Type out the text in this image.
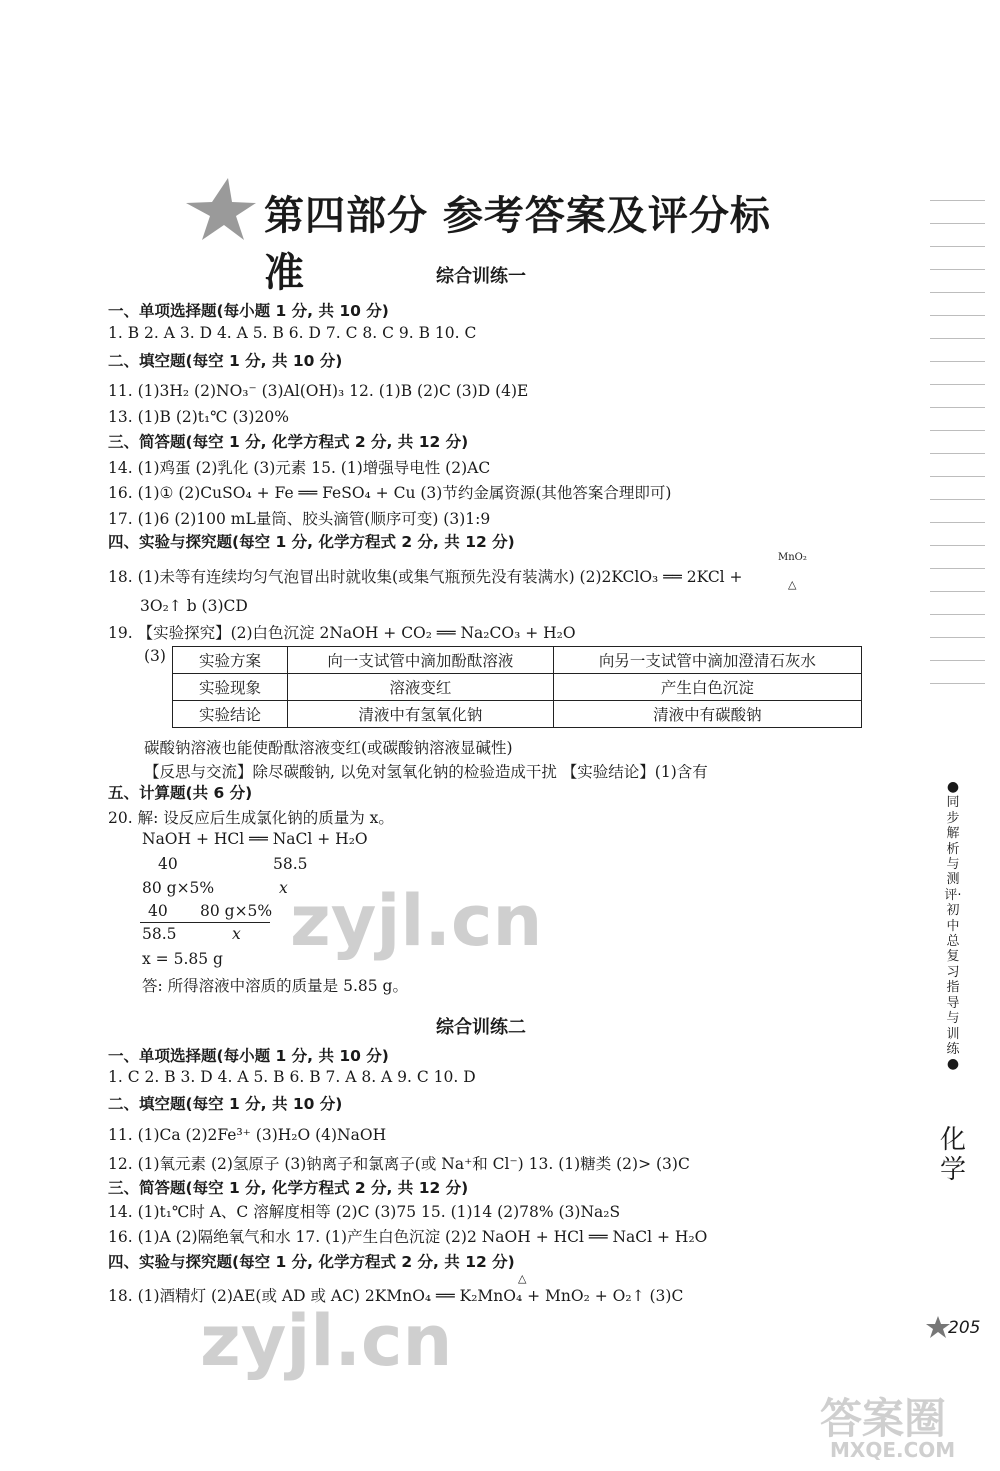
第四部分 参考答案及评分标准	综合训练一
一、单项选择题(每小题 1 分, 共 10 分)
1. B 2. A 3. D 4. A 5. B 6. D 7. C 8. C 9. B 10. C
二、填空题(每空 1 分, 共 10 分)
11. (1)3H₂ (2)NO₃⁻ (3)Al(OH)₃ 12. (1)B (2)C (3)D (4)E
13. (1)B (2)t₁℃ (3)20%
三、简答题(每空 1 分, 化学方程式 2 分, 共 12 分)
14. (1)鸡蛋 (2)乳化 (3)元素 15. (1)增强导电性 (2)AC
16. (1)① (2)CuSO₄ + Fe ══ FeSO₄ + Cu (3)节约金属资源(其他答案合理即可)
17. (1)6 (2)100 mL量筒、胶头滴管(顺序可变) (3)1:9
四、实验与探究题(每空 1 分, 化学方程式 2 分, 共 12 分)
MnO₂
△
18. (1)未等有连续均匀气泡冒出时就收集(或集气瓶预先没有装满水) (2)2KClO₃ ══ 2KCl +
3O₂↑ b (3)CD
19. 【实验探究】(2)白色沉淀 2NaOH + CO₂ ══ Na₂CO₃ + H₂O
(3) 实验方案	向一支试管中滴加酚酞溶液	向另一支试管中滴加澄清石灰水
实验现象	溶液变红	产生白色沉淀
实验结论	清液中有氢氧化钠	清液中有碳酸钠
碳酸钠溶液也能使酚酞溶液变红(或碳酸钠溶液显碱性)
【反思与交流】除尽碳酸钠, 以免对氢氧化钠的检验造成干扰 【实验结论】(1)含有
五、计算题(共 6 分)
20. 解: 设反应后生成氯化钠的质量为 x。
NaOH + HCl ══ NaCl + H₂O
40	58.5
80 g×5%	x
40 80 g×5%
58.5	x
x = 5.85 g
答: 所得溶液中溶质的质量是 5.85 g。
综合训练二
一、单项选择题(每小题 1 分, 共 10 分)
1. C 2. B 3. D 4. A 5. B 6. B 7. A 8. A 9. C 10. D
二、填空题(每空 1 分, 共 10 分)
11. (1)Ca (2)2Fe³⁺ (3)H₂O (4)NaOH
12. (1)氧元素 (2)氢原子 (3)钠离子和氯离子(或 Na⁺和 Cl⁻) 13. (1)糖类 (2)> (3)C
三、简答题(每空 1 分, 化学方程式 2 分, 共 12 分)
14. (1)t₁℃时 A、C 溶解度相等 (2)C (3)75 15. (1)14 (2)78% (3)Na₂S
16. (1)A (2)隔绝氧气和水 17. (1)产生白色沉淀 (2)2 NaOH + HCl ══ NaCl + H₂O
四、实验与探究题(每空 1 分, 化学方程式 2 分, 共 12 分)
△
18. (1)酒精灯 (2)AE(或 AD 或 AC) 2KMnO₄ ══ K₂MnO₄ + MnO₂ + O₂↑ (3)C
●
同步解析与测评·初中总复习指导与训练
●
化学
205
zyjl.cn
zyjl.cn
答案圈
MXQE.COM
